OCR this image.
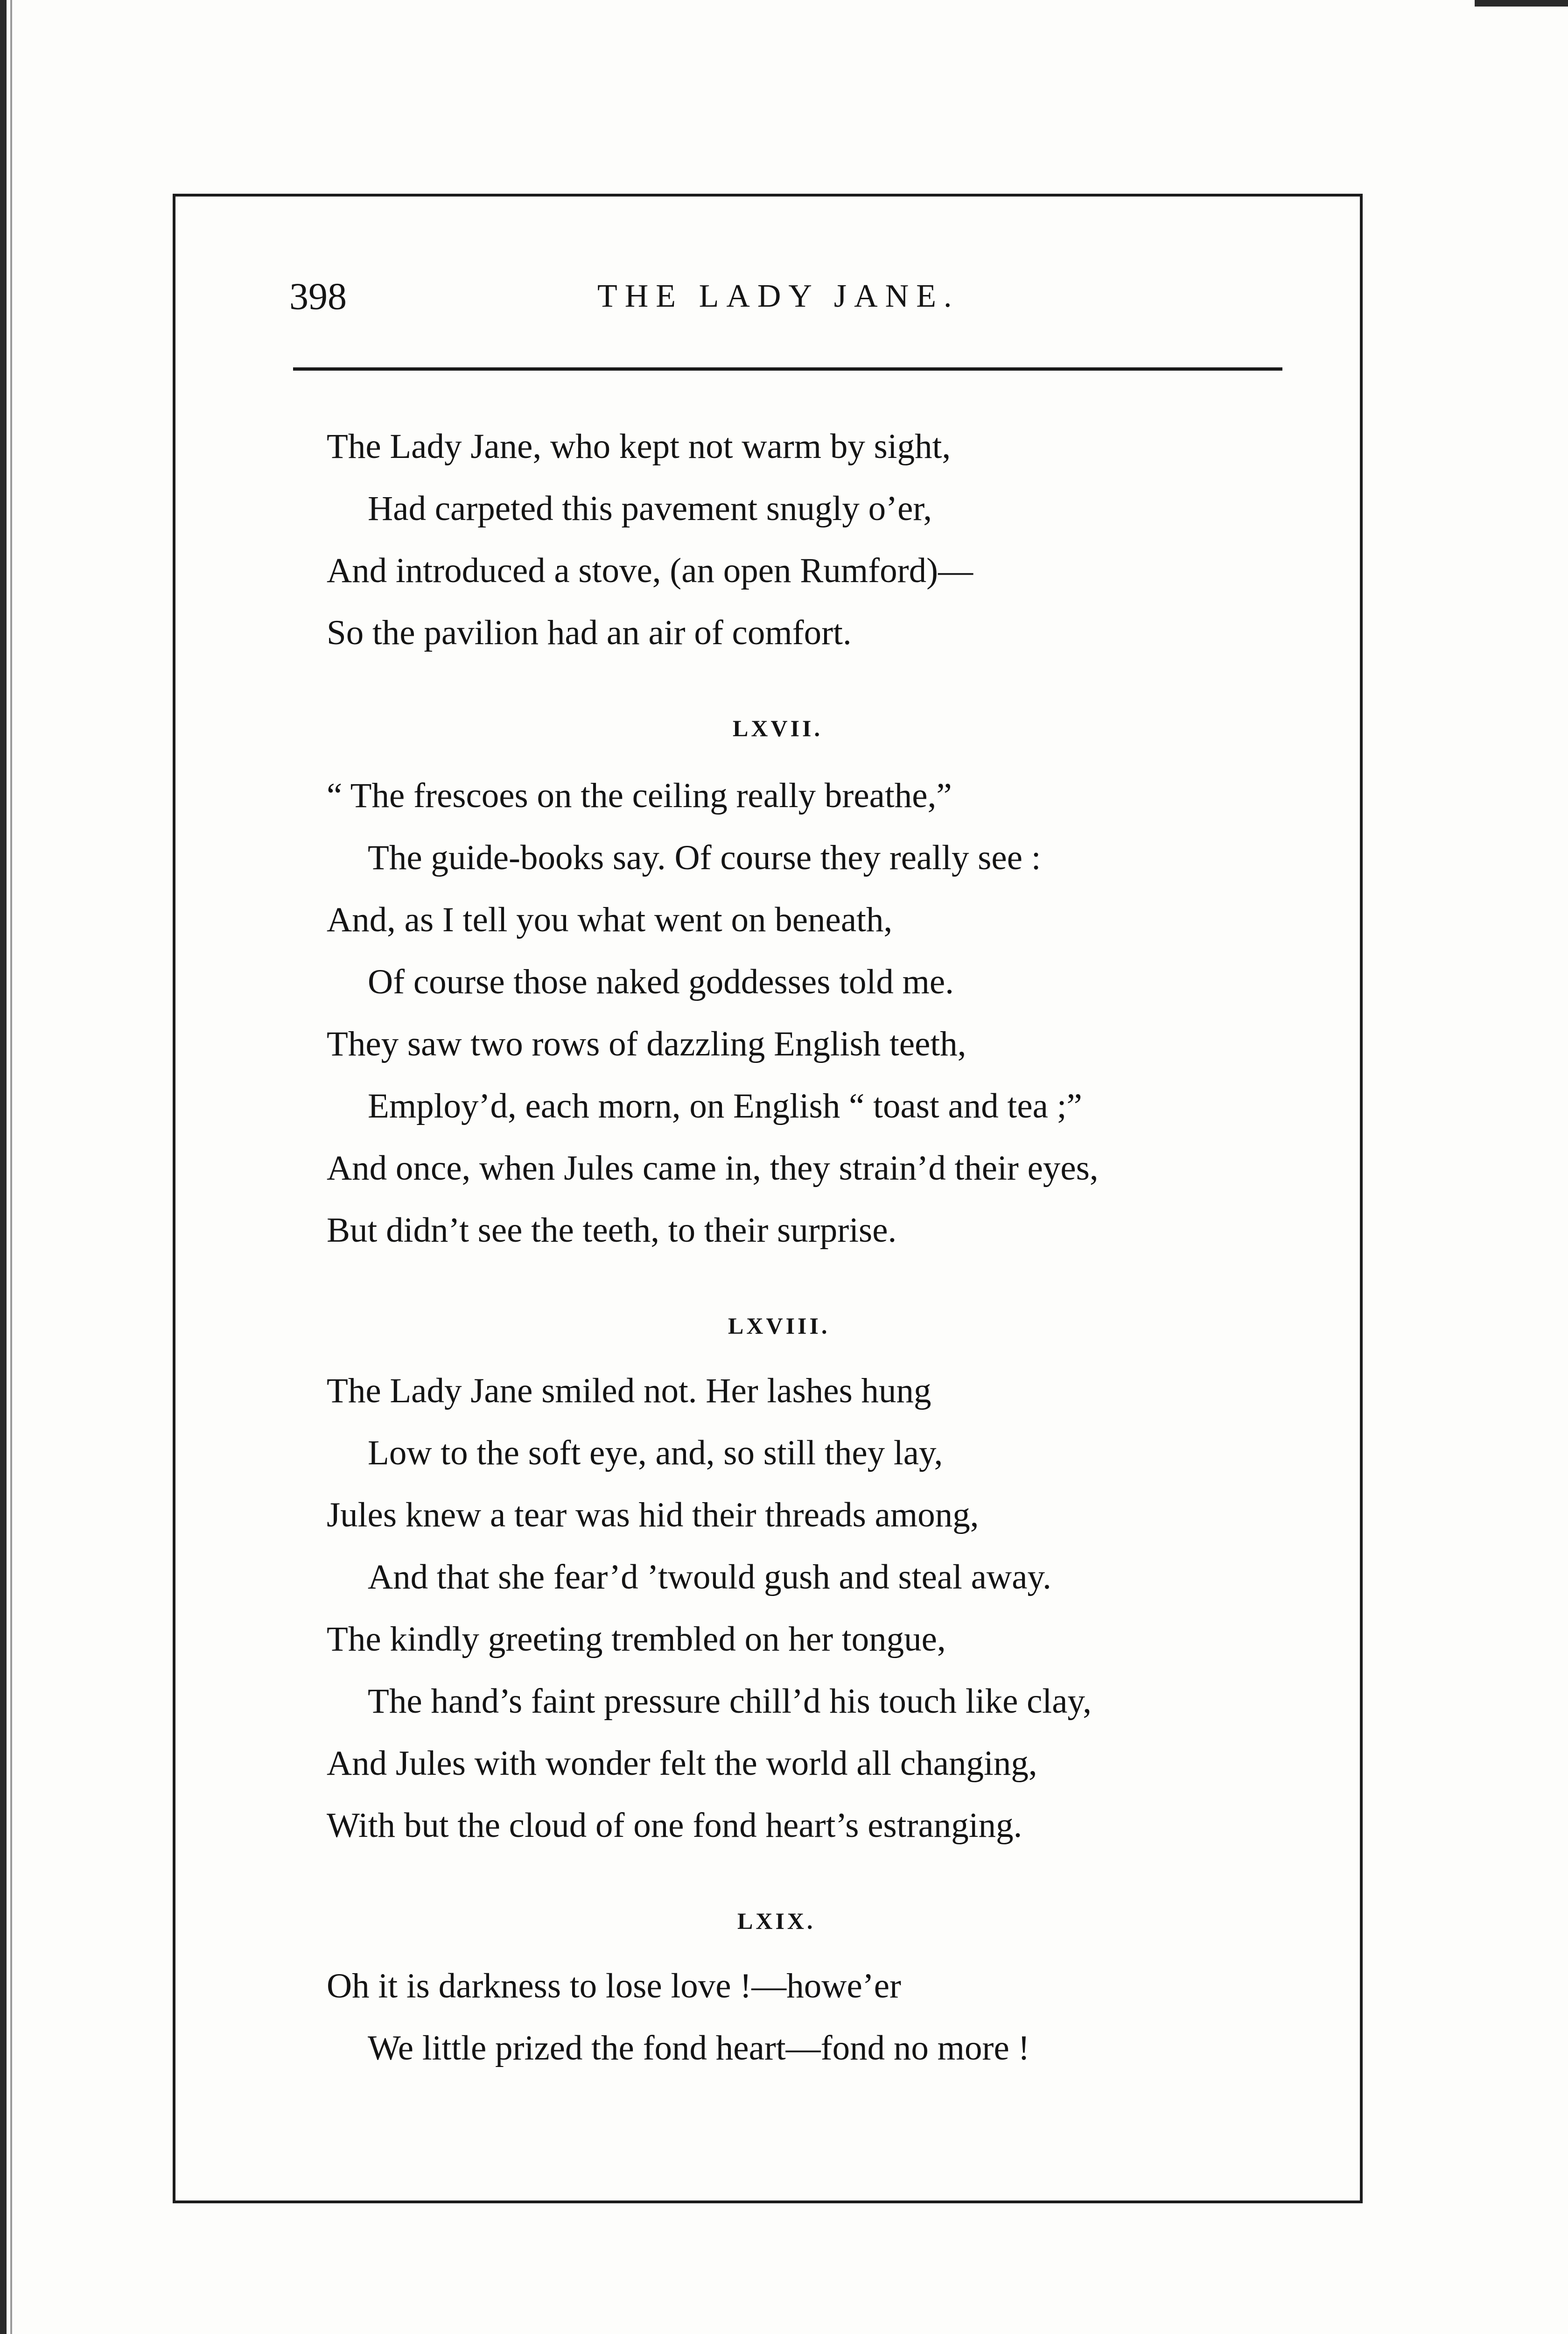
398	THE LADY JANE.
The Lady Jane, who kept not warm by sight,
Had carpeted this pavement snugly o’er,
And introduced a stove, (an open Rumford)—
So the pavilion had an air of comfort.
LXVII.
“ The frescoes on the ceiling really breathe,”
The guide-books say. Of course they really see :
And, as I tell you what went on beneath,
Of course those naked goddesses told me.
They saw two rows of dazzling English teeth,
Employ’d, each morn, on English “ toast and tea ;”
And once, when Jules came in, they strain’d their eyes,
But didn’t see the teeth, to their surprise.
LXVIII.
The Lady Jane smiled not. Her lashes hung
Low to the soft eye, and, so still they lay,
Jules knew a tear was hid their threads among,
And that she fear’d ’twould gush and steal away.
The kindly greeting trembled on her tongue,
The hand’s faint pressure chill’d his touch like clay,
And Jules with wonder felt the world all changing,
With but the cloud of one fond heart’s estranging.
LXIX.
Oh it is darkness to lose love !—howe’er
We little prized the fond heart—fond no more !
